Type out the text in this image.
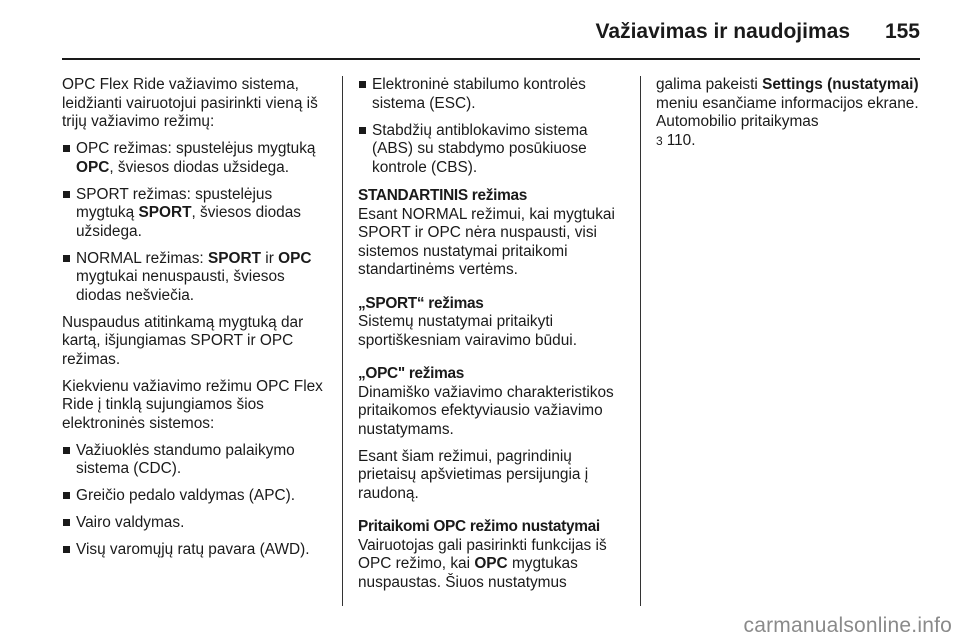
Važiavimas ir naudojimas 155

OPC Flex Ride važiavimo sistema, leidžianti vairuotojui pasirinkti vieną iš trijų važiavimo režimų:

OPC režimas: spustelėjus mygtuką OPC, šviesos diodas užsidega.
SPORT režimas: spustelėjus mygtuką SPORT, šviesos diodas užsidega.
NORMAL režimas: SPORT ir OPC mygtukai nenuspausti, šviesos diodas nešviečia.

Nuspaudus atitinkamą mygtuką dar kartą, išjungiamas SPORT ir OPC režimas.

Kiekvienu važiavimo režimu OPC Flex Ride į tinklą sujungiamos šios elektroninės sistemos:

Važiuoklės standumo palaikymo sistema (CDC).
Greičio pedalo valdymas (APC).
Vairo valdymas.
Visų varomųjų ratų pavara (AWD).
Elektroninė stabilumo kontrolės sistema (ESC).
Stabdžių antiblokavimo sistema (ABS) su stabdymo posūkiuose kontrole (CBS).
STANDARTINIS režimas

Esant NORMAL režimui, kai mygtukai SPORT ir OPC nėra nuspausti, visi sistemos nustatymai pritaikomi standartinėms vertėms.

„SPORT“ režimas

Sistemų nustatymai pritaikyti sportiškesniam vairavimo būdui.

„OPC" režimas

Dinamiško važiavimo charakteristikos pritaikomos efektyviausio važiavimo nustatymams.

Esant šiam režimui, pagrindinių prietaisų apšvietimas persijungia į raudoną.

Pritaikomi OPC režimo nustatymai

Vairuotojas gali pasirinkti funkcijas iš OPC režimo, kai OPC mygtukas nuspaustas. Šiuos nustatymus

galima pakeisti Settings (nustatymai) meniu esančiame informacijos ekrane. Automobilio pritaikymas
3 110.

carmanualsonline.info
